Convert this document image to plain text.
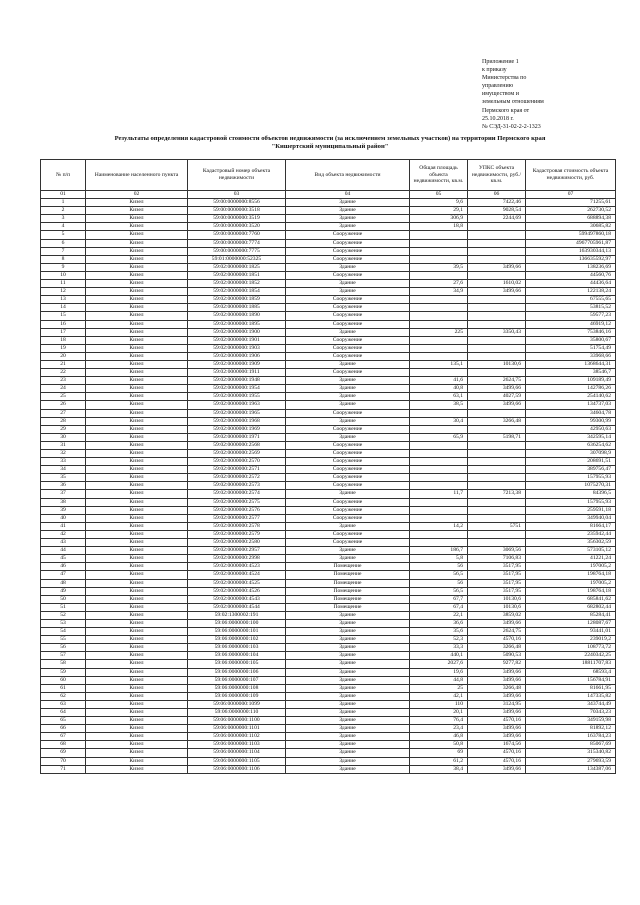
Приложение 1
к приказу
Министерства по
управлению
имуществом и
земельным отношениям
Пермского края от
25.10.2018 г.
№ СЭД-31-02-2-2-1323
Результаты определения кадастровой стоимости объектов недвижимости (за исключением земельных участков) на территории Пермского края
"Кишертский муниципальный район"
№ п/п	Наименование населенного пункта	Кадастровый номер объекта недвижимости	Вид объекта недвижимости	Общая площадь объекта недвижимости, кв.м.	УПКС объекта недвижимости, руб./кв.м.	Кадастровая стоимость объекта недвижимости, руб.
01	02	03	04	05	06	07
1	Кизел	59:00:0000000:8556	Здание	9,6	7422,46	71255,61
2	Кизел	59:00:0000000:3518	Здание	29,1	9028,54	262730,52
3	Кизел	59:00:0000000:3519	Здание	306,9	2244,69	688894,38
4	Кизел	59:00:0000000:3520	Здание	18,8		30685,82
5	Кизел	59:00:0000000:7760	Сооружение			599497860,18
6	Кизел	59:00:0000000:7774	Сооружение			4967705961,87
7	Кизел	59:00:0000000:7775	Сооружение			163930344,13
8	Кизел	59:01:0000000:52325	Сооружение			136635592,97
9	Кизел	59:02:0000000:1825	Здание	39,5	3499,66	138236,69
10	Кизел	59:02:0000000:1851	Сооружение			44560,76
11	Кизел	59:02:0000000:1852	Здание	27,6	1610,02	44436,64
12	Кизел	59:02:0000000:1854	Здание	34,9	3499,66	122138,24
13	Кизел	59:02:0000000:1859	Сооружение			67555,65
14	Кизел	59:02:0000000:1885	Сооружение			53815,52
15	Кизел	59:02:0000000:1890	Сооружение			59577,23
16	Кизел	59:02:0000000:1895	Сооружение			46919,12
17	Кизел	59:02:0000000:1900	Здание	225	3350,43	753846,16
18	Кизел	59:02:0000000:1901	Сооружение			35800,67
19	Кизел	59:02:0000000:1903	Сооружение			51754,49
20	Кизел	59:02:0000000:1906	Сооружение			33968,66
21	Кизел	59:02:0000000:1909	Здание	135,1	10130,6	1368644,31
22	Кизел	59:02:0000000:1911	Сооружение			38546,7
23	Кизел	59:02:0000000:1948	Здание	41,6	2624,75	109189,49
24	Кизел	59:02:0000000:1954	Здание	40,8	3499,66	142786,26
25	Кизел	59:02:0000000:1955	Здание	63,1	4027,59	254140,62
26	Кизел	59:02:0000000:1963	Здание	38,5	3499,66	134737,03
27	Кизел	59:02:0000000:1965	Сооружение			34604,78
28	Кизел	59:02:0000000:1968	Здание	30,4	3266,48	99300,99
29	Кизел	59:02:0000000:1969	Сооружение			42950,63
30	Кизел	59:02:0000000:1971	Здание	65,9	5198,71	342595,14
31	Кизел	59:02:0000000:2568	Сооружение			636254,62
32	Кизел	59:02:0000000:2569	Сооружение			307098,9
33	Кизел	59:02:0000000:2570	Сооружение			208691,51
34	Кизел	59:02:0000000:2571	Сооружение			389756,47
35	Кизел	59:02:0000000:2572	Сооружение			157955,93
36	Кизел	59:02:0000000:2573	Сооружение			1075270,31
37	Кизел	59:02:0000000:2574	Здание	11,7	7213,38	84396,5
38	Кизел	59:02:0000000:2575	Сооружение			157955,93
39	Кизел	59:02:0000000:2576	Сооружение			259591,18
40	Кизел	59:02:0000000:2577	Сооружение			349940,04
41	Кизел	59:02:0000000:2578	Здание	14,2	5751	81664,17
42	Кизел	59:02:0000000:2579	Сооружение			235942,44
43	Кизел	59:02:0000000:2580	Сооружение			356302,59
44	Кизел	59:02:0000000:2957	Здание	186,7	3069,56	573105,12
45	Кизел	59:02:0000000:2998	Здание	5,8	7106,83	41221,24
46	Кизел	59:02:0000000:4523	Помещение	56	3517,95	197005,2
47	Кизел	59:02:0000000:4524	Помещение	56,5	3517,95	198764,18
48	Кизел	59:02:0000000:4525	Помещение	56	3517,95	197005,2
49	Кизел	59:02:0000000:4526	Помещение	56,5	3517,95	198764,18
50	Кизел	59:02:0000000:4543	Помещение	67,7	10130,6	685841,62
51	Кизел	59:02:0000000:4544	Помещение	67,4	10130,6	682802,44
52	Кизел	59:02:1300002:191	Здание	22,1	3859,02	85284,41
53	Кизел	59:06:0000000:100	Здание	36,6	3499,66	128087,67
54	Кизел	59:06:0000000:101	Здание	35,6	2624,75	93441,01
55	Кизел	59:06:0000000:102	Здание	52,3	4570,16	239019,2
56	Кизел	59:06:0000000:103	Здание	33,3	3266,48	108773,72
57	Кизел	59:06:0000000:104	Здание	440,1	5090,53	2240342,25
58	Кизел	59:06:0000000:105	Здание	2027,6	9277,82	18811707,83
59	Кизел	59:06:0000000:106	Здание	19,6	3499,66	68593,4
60	Кизел	59:06:0000000:107	Здание	44,8	3499,66	156784,91
61	Кизел	59:06:0000000:108	Здание	25	3266,48	81661,95
62	Кизел	59:06:0000000:109	Здание	42,1	3499,66	147335,82
63	Кизел	59:06:0000000:1099	Здание	110	3124,95	343744,49
64	Кизел	59:06:0000000:110	Здание	20,1	3499,66	70343,23
65	Кизел	59:06:0000000:1100	Здание	76,4	4570,16	349159,98
66	Кизел	59:06:0000000:1101	Здание	23,4	3499,66	81892,12
67	Кизел	59:06:0000000:1102	Здание	46,8	3499,66	163784,23
68	Кизел	59:06:0000000:1103	Здание	50,8	1674,56	85067,69
69	Кизел	59:06:0000000:1104	Здание	69	4570,16	315340,82
70	Кизел	59:06:0000000:1105	Здание	61,2	4570,16	279693,59
71	Кизел	59:06:0000000:1106	Здание	38,4	3499,66	134387,06
